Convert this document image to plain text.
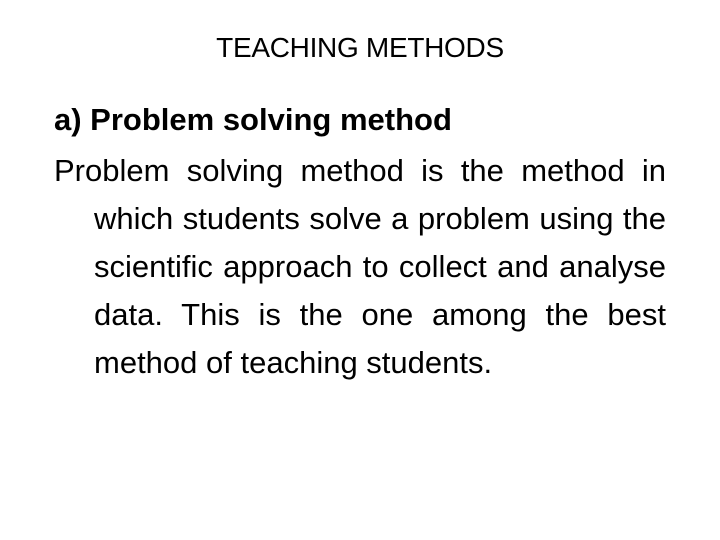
TEACHING METHODS
a) Problem solving method
Problem solving method is the method in which students solve a problem using the scientific approach to collect and analyse data. This is the one among the best method of teaching students.
